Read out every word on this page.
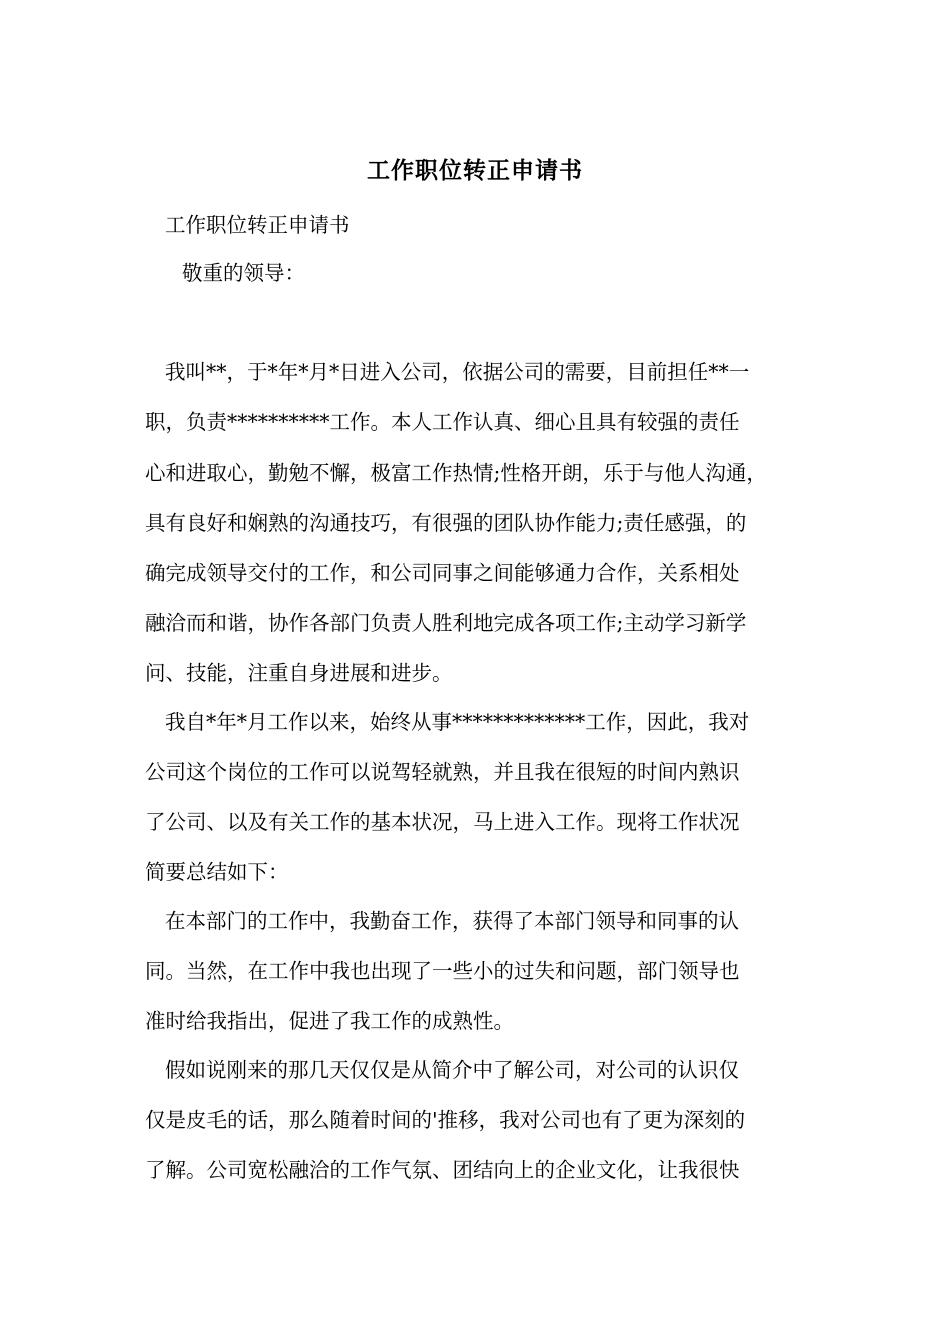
工作职位转正申请书
工作职位转正申请书
敬重的领导：
我叫**，于*年*月*日进入公司，依据公司的需要，目前担任**一
职，负责**********工作。本人工作认真、细心且具有较强的责任
心和进取心，勤勉不懈，极富工作热情;性格开朗，乐于与他人沟通，
具有良好和娴熟的沟通技巧，有很强的团队协作能力;责任感强，的
确完成领导交付的工作，和公司同事之间能够通力合作，关系相处
融洽而和谐，协作各部门负责人胜利地完成各项工作;主动学习新学
问、技能，注重自身进展和进步。
我自*年*月工作以来，始终从事*************工作，因此，我对
公司这个岗位的工作可以说驾轻就熟，并且我在很短的时间内熟识
了公司、以及有关工作的基本状况，马上进入工作。现将工作状况
简要总结如下：
在本部门的工作中，我勤奋工作，获得了本部门领导和同事的认
同。当然，在工作中我也出现了一些小的过失和问题，部门领导也
准时给我指出，促进了我工作的成熟性。
假如说刚来的那几天仅仅是从简介中了解公司，对公司的认识仅
仅是皮毛的话，那么随着时间的'推移，我对公司也有了更为深刻的
了解。公司宽松融洽的工作气氛、团结向上的企业文化，让我很快
